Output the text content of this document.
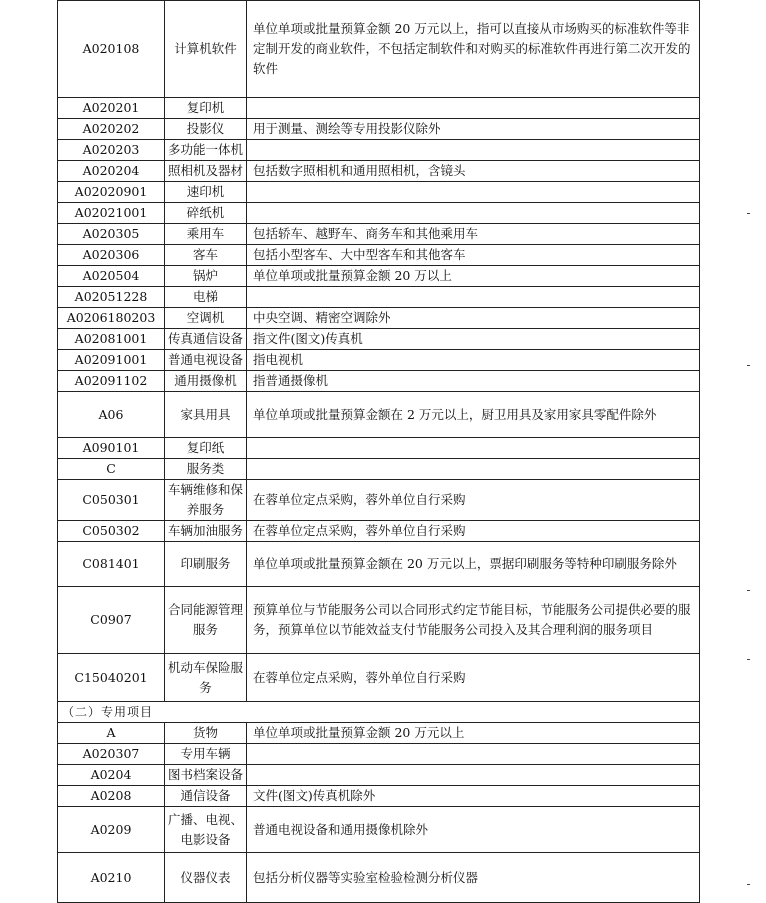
A020108	计算机软件	单位单项或批量预算金额 20 万元以上，指可以直接从市场购买的标准软件等非定制开发的商业软件，不包括定制软件和对购买的标准软件再进行第二次开发的软件
A020201	复印机	
A020202	投影仪	用于测量、测绘等专用投影仪除外
A020203	多功能一体机	
A020204	照相机及器材	包括数字照相机和通用照相机，含镜头
A02020901	速印机	
A02021001	碎纸机	
A020305	乘用车	包括轿车、越野车、商务车和其他乘用车
A020306	客车	包括小型客车、大中型客车和其他客车
A020504	锅炉	单位单项或批量预算金额 20 万以上
A02051228	电梯	
A0206180203	空调机	中央空调、精密空调除外
A02081001	传真通信设备	指文件(图文)传真机
A02091001	普通电视设备	指电视机
A02091102	通用摄像机	指普通摄像机
A06	家具用具	单位单项或批量预算金额在 2 万元以上，厨卫用具及家用家具零配件除外
A090101	复印纸	
C	服务类	
C050301	车辆维修和保养服务	在蓉单位定点采购，蓉外单位自行采购
C050302	车辆加油服务	在蓉单位定点采购，蓉外单位自行采购
C081401	印刷服务	单位单项或批量预算金额在 20 万元以上，票据印刷服务等特种印刷服务除外
C0907	合同能源管理服务	预算单位与节能服务公司以合同形式约定节能目标，节能服务公司提供必要的服务，预算单位以节能效益支付节能服务公司投入及其合理利润的服务项目
C15040201	机动车保险服务	在蓉单位定点采购，蓉外单位自行采购
（二）专用项目		
A	货物	单位单项或批量预算金额 20 万元以上
A020307	专用车辆	
A0204	图书档案设备	
A0208	通信设备	文件(图文)传真机除外
A0209	广播、电视、电影设备	普通电视设备和通用摄像机除外
A0210	仪器仪表	包括分析仪器等实验室检验检测分析仪器
